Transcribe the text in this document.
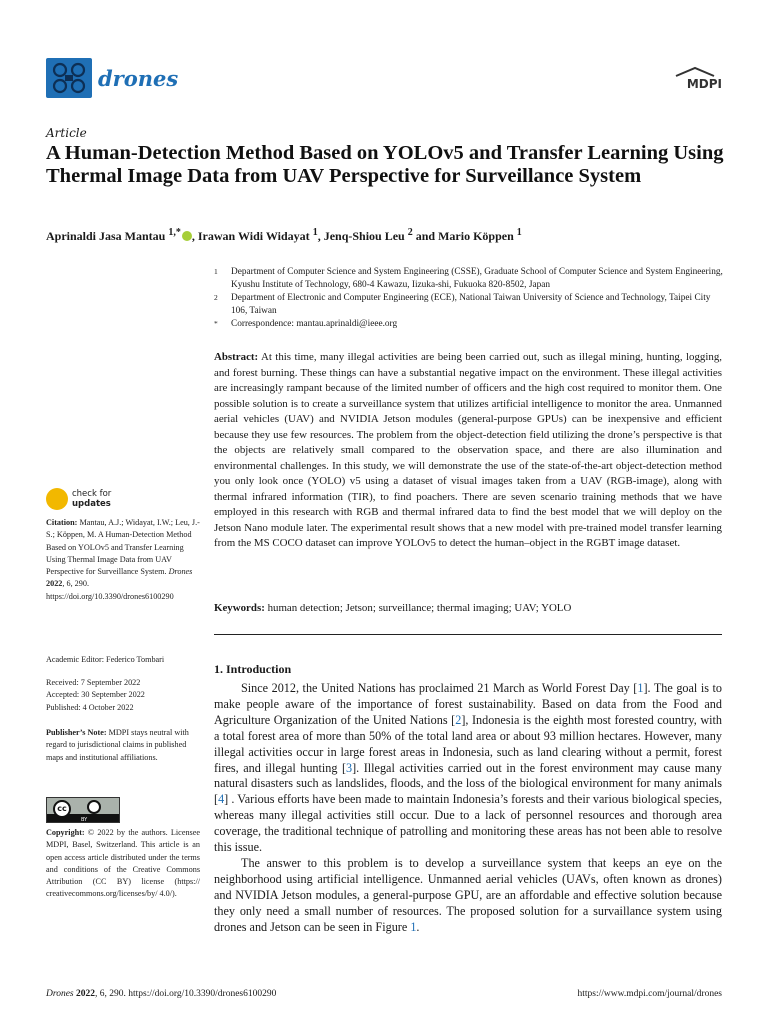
drones	MDPI
Article
A Human-Detection Method Based on YOLOv5 and Transfer Learning Using Thermal Image Data from UAV Perspective for Surveillance System
Aprinaldi Jasa Mantau $^{1,*}$ , Irawan Widi Widayat $^1$, Jenq-Shiou Leu $^2$ and Mario Köppen $^1$
1 Department of Computer Science and System Engineering (CSSE), Graduate School of Computer Science and System Engineering, Kyushu Institute of Technology, 680-4 Kawazu, Iizuka-shi, Fukuoka 820-8502, Japan
2 Department of Electronic and Computer Engineering (ECE), National Taiwan University of Science and Technology, Taipei City 106, Taiwan
* Correspondence: mantau.aprinaldi@ieee.org
Abstract: At this time, many illegal activities are being been carried out, such as illegal mining, hunting, logging, and forest burning. These things can have a substantial negative impact on the environment. These illegal activities are increasingly rampant because of the limited number of officers and the high cost required to monitor them. One possible solution is to create a surveillance system that utilizes artificial intelligence to monitor the area. Unmanned aerial vehicles (UAV) and NVIDIA Jetson modules (general-purpose GPUs) can be inexpensive and efficient because they use few resources. The problem from the object-detection field utilizing the drone’s perspective is that the objects are relatively small compared to the observation space, and there are also illumination and environmental challenges. In this study, we will demonstrate the use of the state-of-the-art object-detection method you only look once (YOLO) v5 using a dataset of visual images taken from a UAV (RGB-image), along with thermal infrared information (TIR), to find poachers. There are seven scenario training methods that we have employed in this research with RGB and thermal infrared data to find the best model that we will deploy on the Jetson Nano module later. The experimental result shows that a new model with pre-trained model transfer learning from the MS COCO dataset can improve YOLOv5 to detect the human–object in the RGBT image dataset.
Keywords: human detection; Jetson; surveillance; thermal imaging; UAV; YOLO
check for
updates
Citation: Mantau, A.J.; Widayat, I.W.; Leu, J.-S.; Köppen, M. A Human-Detection Method Based on YOLOv5 and Transfer Learning Using Thermal Image Data from UAV Perspective for Surveillance System. Drones 2022, 6, 290. https://doi.org/10.3390/drones6100290
Academic Editor: Federico Tombari
Received: 7 September 2022
Accepted: 30 September 2022
Published: 4 October 2022
Publisher’s Note: MDPI stays neutral with regard to jurisdictional claims in published maps and institutional affiliations.
cc
BY
Copyright: © 2022 by the authors. Licensee MDPI, Basel, Switzerland. This article is an open access article distributed under the terms and conditions of the Creative Commons Attribution (CC BY) license (https:// creativecommons.org/licenses/by/ 4.0/).
1. Introduction

Since 2012, the United Nations has proclaimed 21 March as World Forest Day [1]. The goal is to make people aware of the importance of forest sustainability. Based on data from the Food and Agriculture Organization of the United Nations [2], Indonesia is the eighth most forested country, with a total forest area of more than 50% of the total land area or about 93 million hectares. However, many illegal activities occur in large forest areas in Indonesia, such as land clearing without a permit, forest fires, and illegal hunting [3]. Illegal activities carried out in the forest environment may cause many natural disasters such as landslides, floods, and the loss of the biological environment for many animals [4] . Various efforts have been made to maintain Indonesia’s forests and their various biological species, whereas many illegal activities still occur. Due to a lack of personnel resources and thorough area coverage, the traditional technique of patrolling and monitoring these areas has not been able to resolve this issue.

The answer to this problem is to develop a surveillance system that keeps an eye on the neighborhood using artificial intelligence. Unmanned aerial vehicles (UAVs, often known as drones) and NVIDIA Jetson modules, a general-purpose GPU, are an affordable and effective solution because they only need a small number of resources. The proposed solution for a survaillance system using drones and Jetson can be seen in Figure 1.

Drones 2022, 6, 290. https://doi.org/10.3390/drones6100290	https://www.mdpi.com/journal/drones
